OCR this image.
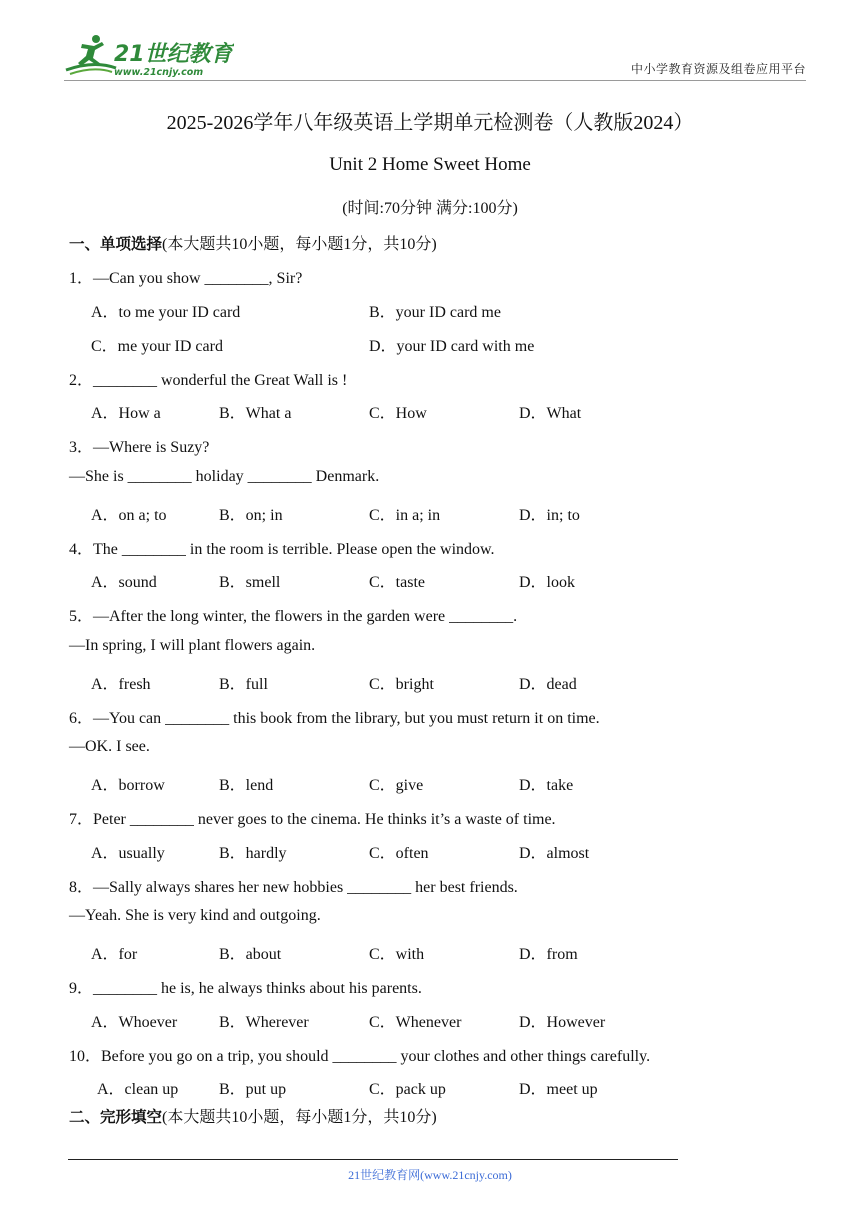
21世纪教育
www.21cnjy.com	中小学教育资源及组卷应用平台
2025-2026学年八年级英语上学期单元检测卷（人教版2024）
Unit 2 Home Sweet Home
(时间:70分钟 满分:100分)
一、单项选择(本大题共10小题，每小题1分，共10分)
1．—Can you show ________, Sir?
A．to me your ID card	B．your ID card me
C．me your ID card	D．your ID card with me
2．________ wonderful the Great Wall is !
A．How a	B．What a	C．How	D．What
3．—Where is Suzy?
—She is ________ holiday ________ Denmark.
A．on a; to	B．on; in	C．in a; in	D．in; to
4．The ________ in the room is terrible. Please open the window.
A．sound	B．smell	C．taste	D．look
5．—After the long winter, the flowers in the garden were ________.
—In spring, I will plant flowers again.
A．fresh	B．full	C．bright	D．dead
6．—You can ________ this book from the library, but you must return it on time.
—OK. I see.
A．borrow	B．lend	C．give	D．take
7．Peter ________ never goes to the cinema. He thinks it’s a waste of time.
A．usually	B．hardly	C．often	D．almost
8．—Sally always shares her new hobbies ________ her best friends.
—Yeah. She is very kind and outgoing.
A．for	B．about	C．with	D．from
9．________ he is, he always thinks about his parents.
A．Whoever	B．Wherever	C．Whenever	D．However
10．Before you go on a trip, you should ________ your clothes and other things carefully.
A．clean up	B．put up	C．pack up	D．meet up
二、完形填空(本大题共10小题，每小题1分，共10分)
21世纪教育网(www.21cnjy.com)
